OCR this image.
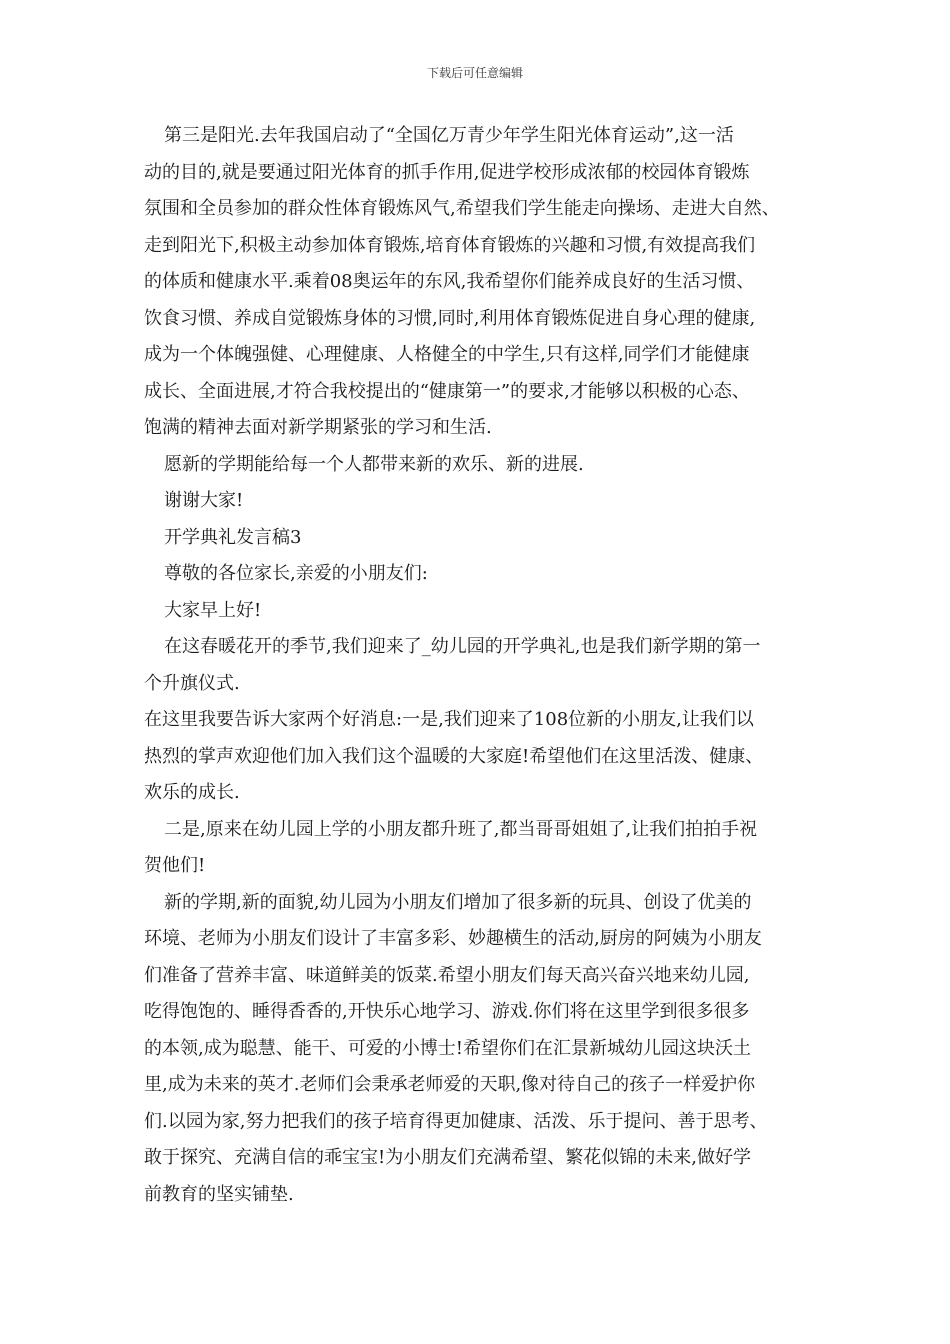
下载后可任意编辑
第三是阳光.去年我国启动了“全国亿万青少年学生阳光体育运动”,这一活
动的目的,就是要通过阳光体育的抓手作用,促进学校形成浓郁的校园体育锻炼
氛围和全员参加的群众性体育锻炼风气,希望我们学生能走向操场、走进大自然、
走到阳光下,积极主动参加体育锻炼,培育体育锻炼的兴趣和习惯,有效提高我们
的体质和健康水平.乘着08奥运年的东风,我希望你们能养成良好的生活习惯、
饮食习惯、养成自觉锻炼身体的习惯,同时,利用体育锻炼促进自身心理的健康,
成为一个体魄强健、心理健康、人格健全的中学生,只有这样,同学们才能健康
成长、全面进展,才符合我校提出的“健康第一”的要求,才能够以积极的心态、
饱满的精神去面对新学期紧张的学习和生活.
愿新的学期能给每一个人都带来新的欢乐、新的进展.
谢谢大家!
开学典礼发言稿3
尊敬的各位家长,亲爱的小朋友们:
大家早上好!
在这春暖花开的季节,我们迎来了_幼儿园的开学典礼,也是我们新学期的第一
个升旗仪式.
在这里我要告诉大家两个好消息:一是,我们迎来了108位新的小朋友,让我们以
热烈的掌声欢迎他们加入我们这个温暖的大家庭!希望他们在这里活泼、健康、
欢乐的成长.
二是,原来在幼儿园上学的小朋友都升班了,都当哥哥姐姐了,让我们拍拍手祝
贺他们!
新的学期,新的面貌,幼儿园为小朋友们增加了很多新的玩具、创设了优美的
环境、老师为小朋友们设计了丰富多彩、妙趣横生的活动,厨房的阿姨为小朋友
们准备了营养丰富、味道鲜美的饭菜.希望小朋友们每天高兴奋兴地来幼儿园,
吃得饱饱的、睡得香香的,开快乐心地学习、游戏.你们将在这里学到很多很多
的本领,成为聪慧、能干、可爱的小博士!希望你们在汇景新城幼儿园这块沃土
里,成为未来的英才.老师们会秉承老师爱的天职,像对待自己的孩子一样爱护你
们.以园为家,努力把我们的孩子培育得更加健康、活泼、乐于提问、善于思考、
敢于探究、充满自信的乖宝宝!为小朋友们充满希望、繁花似锦的未来,做好学
前教育的坚实铺垫.
